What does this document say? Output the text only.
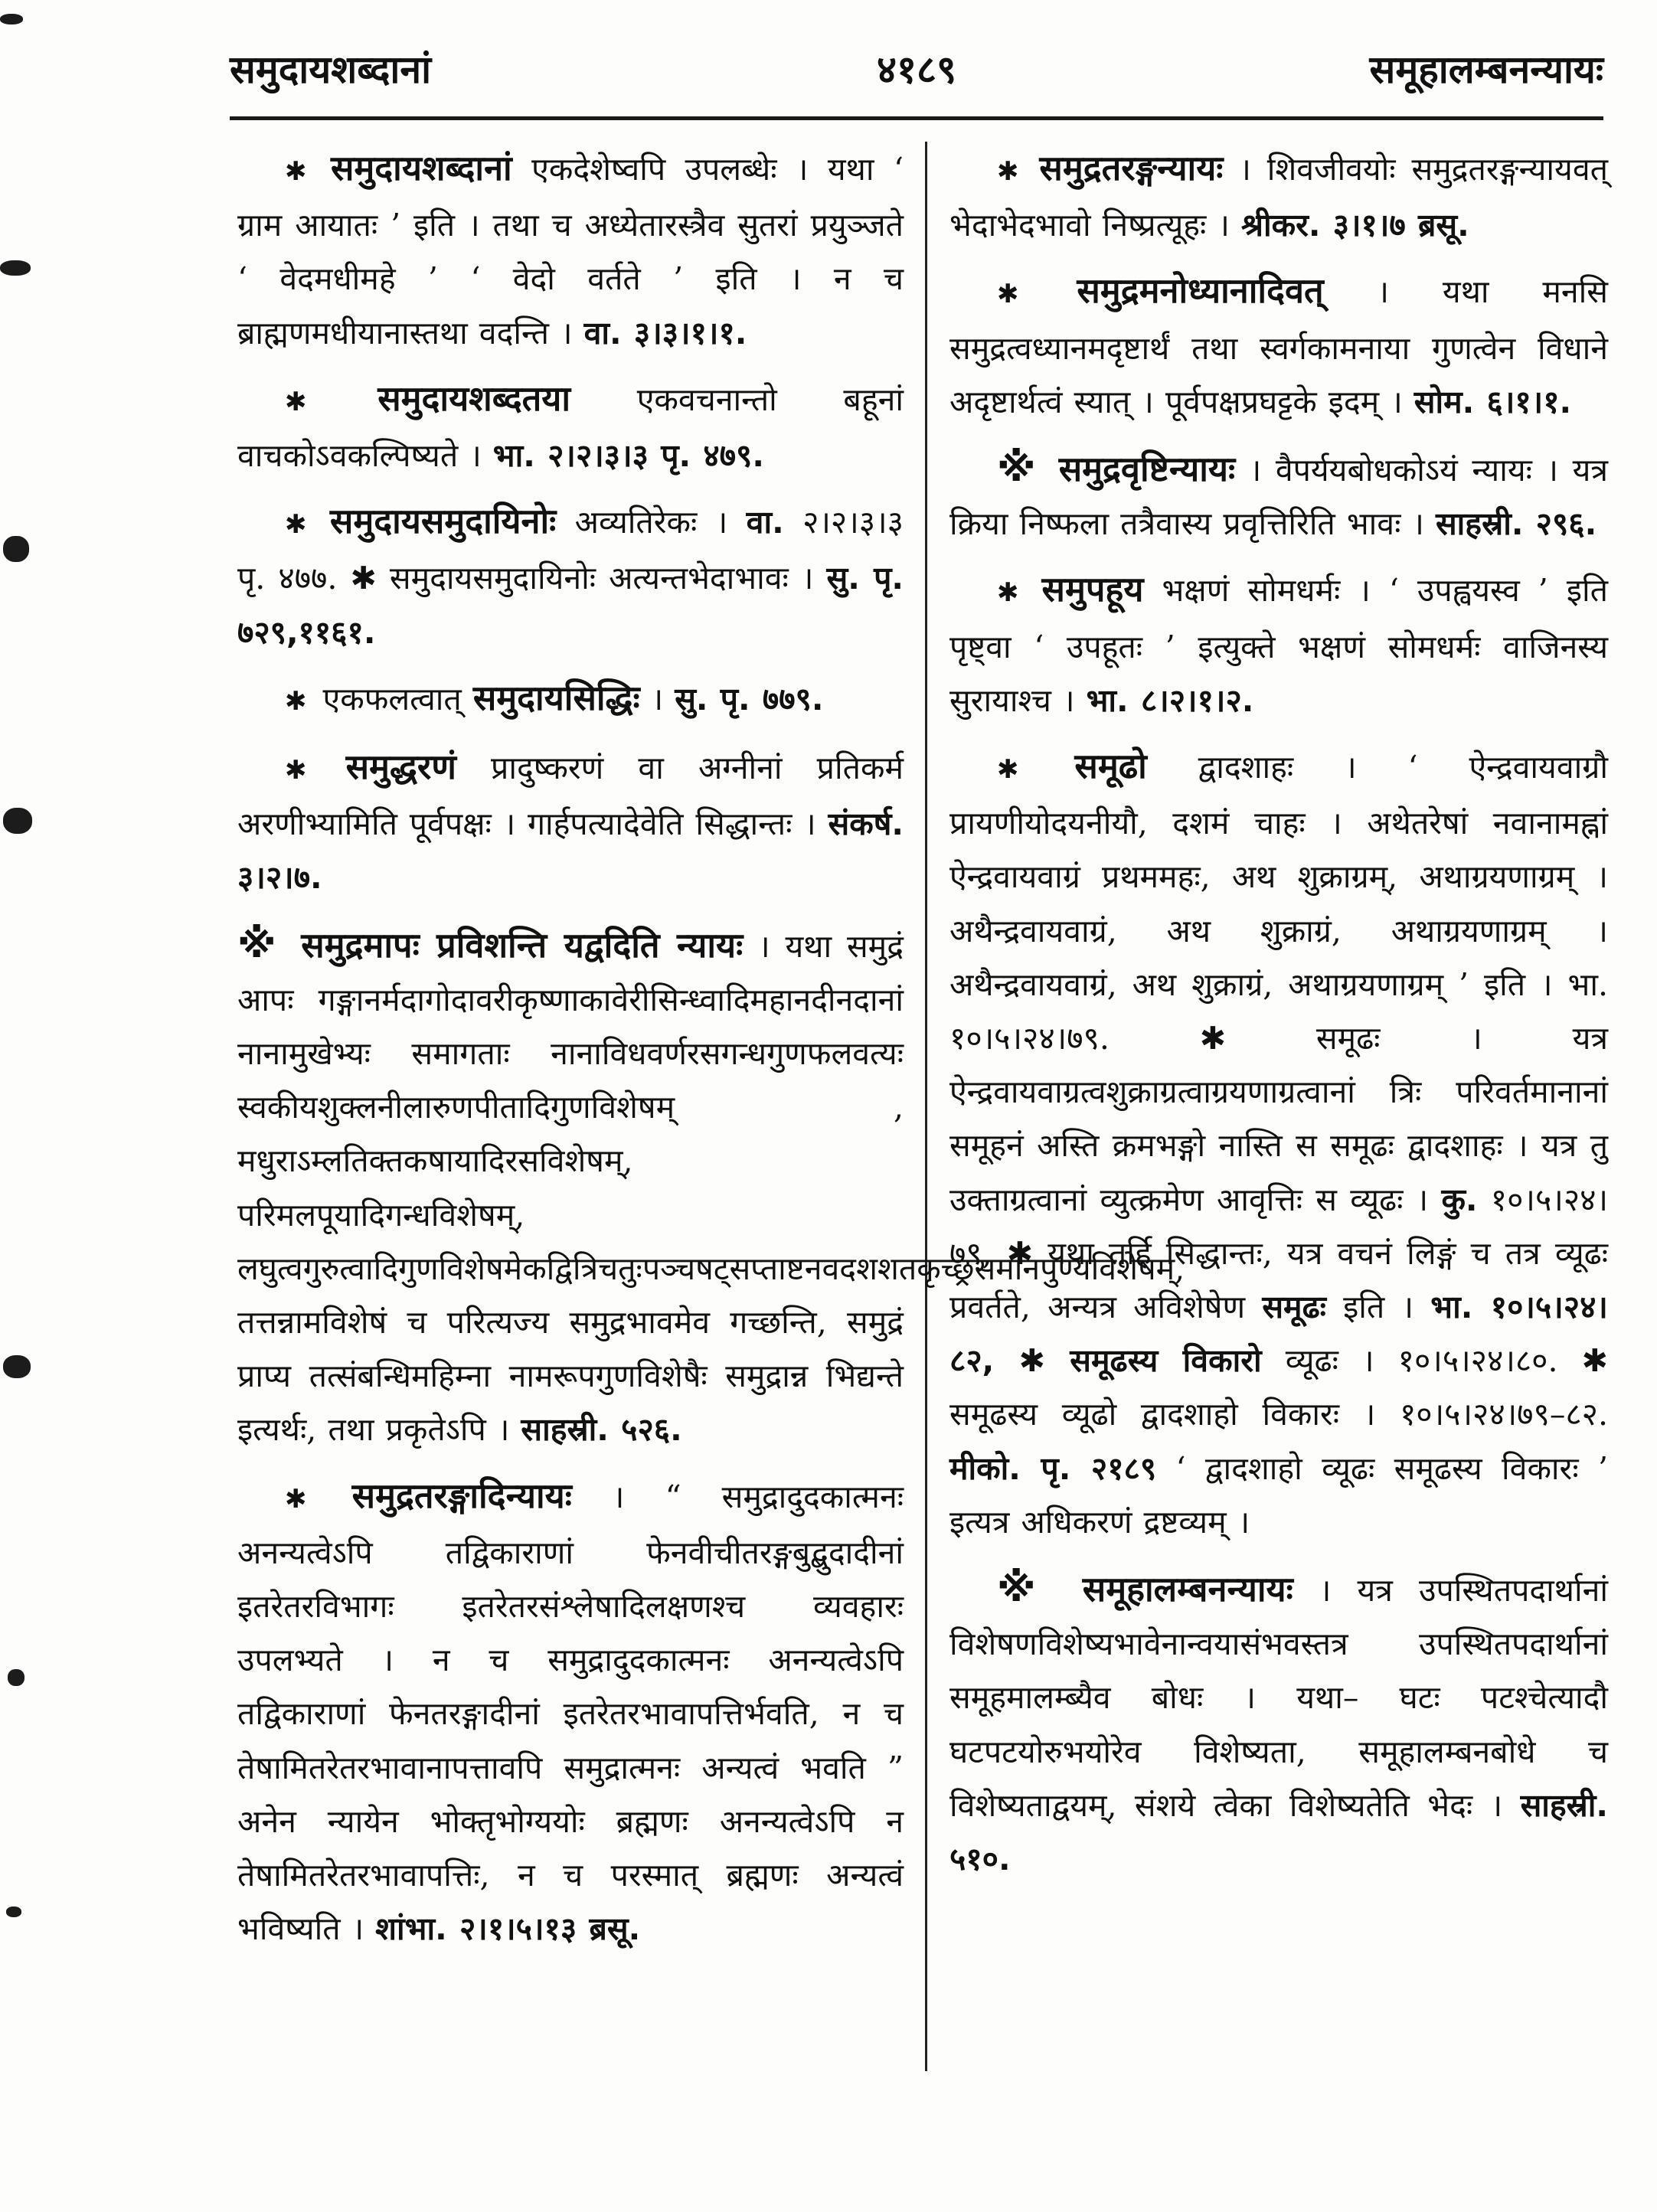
समुदायशब्दानां	४१८९	समूहालम्बनन्यायः

✱ समुदायशब्दानां एकदेशेष्वपि उपलब्धेः । यथा ‘ ग्राम आयातः ’ इति । तथा च अध्येतारस्त्रैव सुतरां प्रयुञ्जते ‘ वेदमधीमहे ’ ‘ वेदो वर्तते ’ इति । न च ब्राह्मणमधीयानास्तथा वदन्ति । वा. ३।३।१।१.

✱ समुदायशब्दतया एकवचनान्तो बहूनां वाचकोऽवकल्पिष्यते । भा. २।२।३।३ पृ. ४७९.

✱ समुदायसमुदायिनोः अव्यतिरेकः । वा. २।२।३।३ पृ. ४७७. ✱ समुदायसमुदायिनोः अत्यन्तभेदाभावः । सु. पृ. ७२९,११६१.

✱ एकफलत्वात् समुदायसिद्धिः । सु. पृ. ७७९.

✱ समुद्धरणं प्रादुष्करणं वा अग्नीनां प्रतिकर्म अरणीभ्यामिति पूर्वपक्षः । गार्हपत्यादेवेति सिद्धान्तः । संकर्ष. ३।२।७.

※ समुद्रमापः प्रविशन्ति यद्वदिति न्यायः । यथा समुद्रं आपः गङ्गानर्मदागोदावरीकृष्णाकावेरीसिन्ध्वादिमहानदीनदानां नानामुखेभ्यः समागताः नानाविधवर्णरसगन्धगुणफलवत्यः स्वकीयशुक्लनीलारुणपीतादिगुणविशेषम् , मधुराऽम्लतिक्तकषायादिरसविशेषम्, परिमलपूयादिगन्धविशेषम्, लघुत्वगुरुत्वादिगुणविशेषमेकद्वित्रिचतुःपञ्चषट्सप्ताष्टनवदशशतकृच्छ्रसमानपुण्यविशेषम्, तत्तन्नामविशेषं च परित्यज्य समुद्रभावमेव गच्छन्ति, समुद्रं प्राप्य तत्संबन्धिमहिम्ना नामरूपगुणविशेषैः समुद्रान्न भिद्यन्ते इत्यर्थः, तथा प्रकृतेऽपि । साहस्री. ५२६.

✱ समुद्रतरङ्गादिन्यायः । “ समुद्रादुदकात्मनः अनन्यत्वेऽपि तद्विकाराणां फेनवीचीतरङ्गबुद्बुदादीनां इतरेतरविभागः इतरेतरसंश्लेषादिलक्षणश्च व्यवहारः उपलभ्यते । न च समुद्रादुदकात्मनः अनन्यत्वेऽपि तद्विकाराणां फेनतरङ्गादीनां इतरेतरभावापत्तिर्भवति, न च तेषामितरेतरभावानापत्तावपि समुद्रात्मनः अन्यत्वं भवति ” अनेन न्यायेन भोक्तृभोग्ययोः ब्रह्मणः अनन्यत्वेऽपि न तेषामितरेतरभावापत्तिः, न च परस्मात् ब्रह्मणः अन्यत्वं भविष्यति । शांभा. २।१।५।१३ ब्रसू.

✱ समुद्रतरङ्गन्यायः । शिवजीवयोः समुद्रतरङ्गन्यायवत् भेदाभेदभावो निष्प्रत्यूहः । श्रीकर. ३।१।७ ब्रसू.

✱ समुद्रमनोध्यानादिवत् । यथा मनसि समुद्रत्वध्यानमदृष्टार्थं तथा स्वर्गकामनाया गुणत्वेन विधाने अदृष्टार्थत्वं स्यात् । पूर्वपक्षप्रघट्टके इदम् । सोम. ६।१।१.

※ समुद्रवृष्टिन्यायः । वैपर्ययबोधकोऽयं न्यायः । यत्र क्रिया निष्फला तत्रैवास्य प्रवृत्तिरिति भावः । साहस्री. २९६.

✱ समुपहूय भक्षणं सोमधर्मः । ‘ उपह्वयस्व ’ इति पृष्ट्वा ‘ उपहूतः ’ इत्युक्ते भक्षणं सोमधर्मः वाजिनस्य सुरायाश्च । भा. ८।२।१।२.

✱ समूढो द्वादशाहः । ‘ ऐन्द्रवायवाग्रौ प्रायणीयोदयनीयौ, दशमं चाहः । अथेतरेषां नवानामह्नां ऐन्द्रवायवाग्रं प्रथममहः, अथ शुक्राग्रम्, अथाग्रयणाग्रम् । अथैन्द्रवायवाग्रं, अथ शुक्राग्रं, अथाग्रयणाग्रम् । अथैन्द्रवायवाग्रं, अथ शुक्राग्रं, अथाग्रयणाग्रम् ’ इति । भा. १०।५।२४।७९. ✱ समूढः । यत्र ऐन्द्रवायवाग्रत्वशुक्राग्रत्वाग्रयणाग्रत्वानां त्रिः परिवर्तमानानां समूहनं अस्ति क्रमभङ्गो नास्ति स समूढः द्वादशाहः । यत्र तु उक्ताग्रत्वानां व्युत्क्रमेण आवृत्तिः स व्यूढः । कु. १०।५।२४।७९, ✱ यथा तर्हि सिद्धान्तः, यत्र वचनं लिङ्गं च तत्र व्यूढः प्रवर्तते, अन्यत्र अविशेषेण समूढः इति । भा. १०।५।२४।८२, ✱ समूढस्य विकारो व्यूढः । १०।५।२४।८०. ✱ समूढस्य व्यूढो द्वादशाहो विकारः । १०।५।२४।७९–८२. मीको. पृ. २१८९ ‘ द्वादशाहो व्यूढः समूढस्य विकारः ’ इत्यत्र अधिकरणं द्रष्टव्यम् ।

※ समूहालम्बनन्यायः । यत्र उपस्थितपदार्थानां विशेषणविशेष्यभावेनान्वयासंभवस्तत्र उपस्थितपदार्थानां समूहमालम्ब्यैव बोधः । यथा– घटः पटश्चेत्यादौ घटपटयोरुभयोरेव विशेष्यता, समूहालम्बनबोधे च विशेष्यताद्वयम्, संशये त्वेका विशेष्यतेति भेदः । साहस्री. ५१०.
